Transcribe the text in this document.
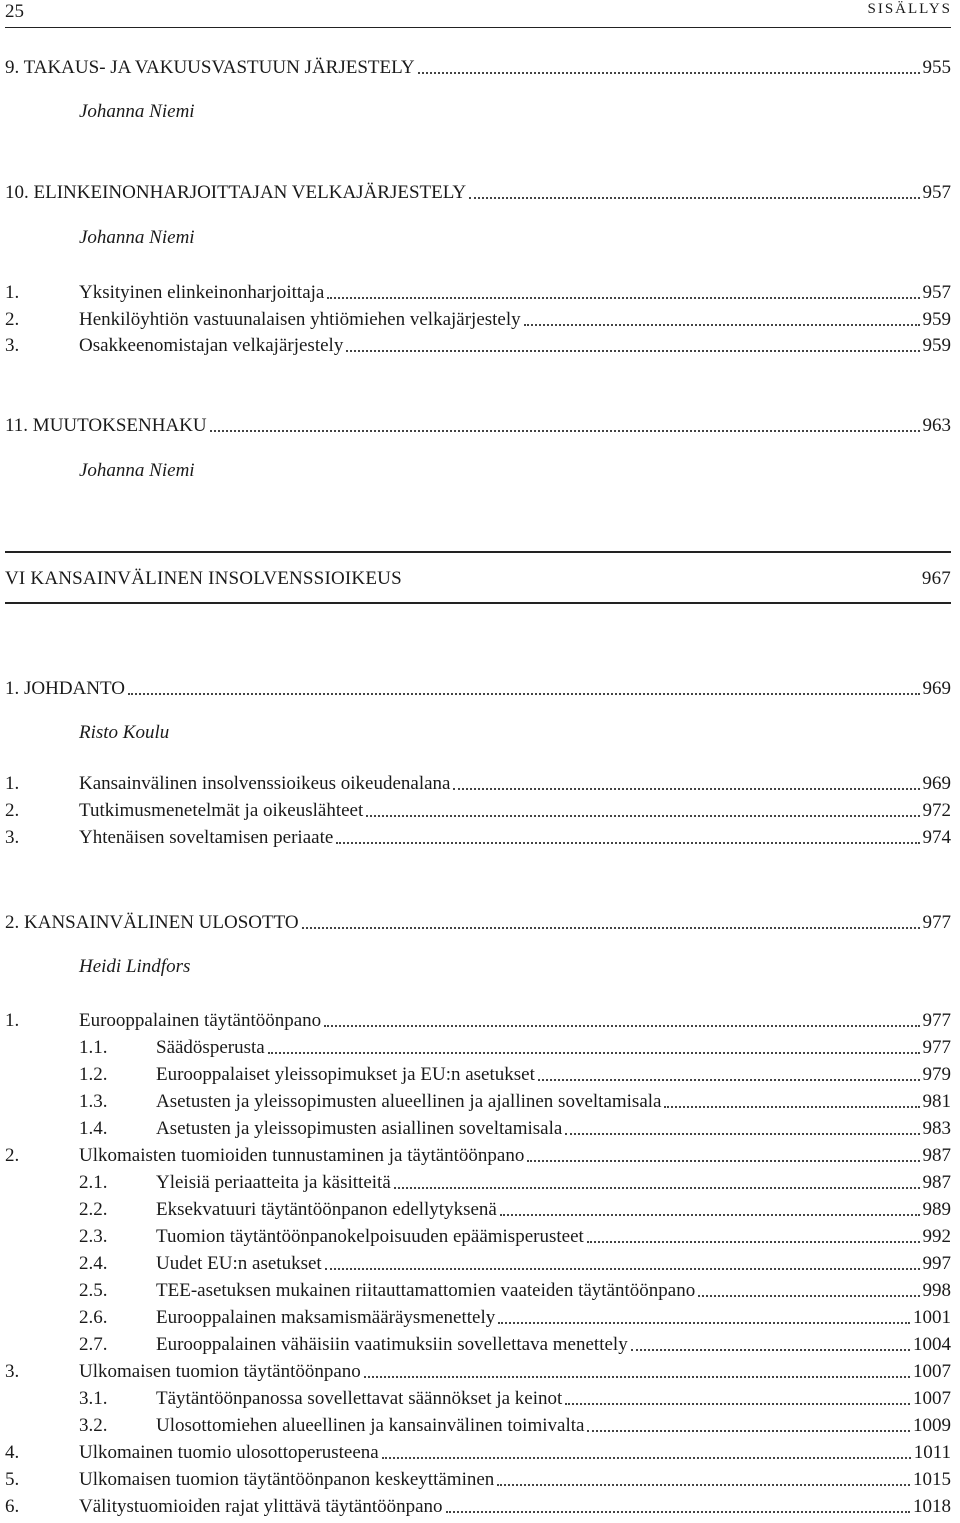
25	SISÄLLYS
9. TAKAUS- JA VAKUUSVASTUUN JÄRJESTELY	955
Johanna Niemi
10. ELINKEINONHARJOITTAJAN VELKAJÄRJESTELY	957
Johanna Niemi
1.	Yksityinen elinkeinonharjoittaja	957
2.	Henkilöyhtiön vastuunalaisen yhtiömiehen velkajärjestely	959
3.	Osakkeenomistajan velkajärjestely	959
11. MUUTOKSENHAKU	963
Johanna Niemi
VI KANSAINVÄLINEN INSOLVENSSIOIKEUS	967
1. JOHDANTO	969
Risto Koulu
1.	Kansainvälinen insolvenssioikeus oikeudenalana	969
2.	Tutkimusmenetelmät ja oikeuslähteet	972
3.	Yhtenäisen soveltamisen periaate	974
2. KANSAINVÄLINEN ULOSOTTO	977
Heidi Lindfors
1.	Eurooppalainen täytäntöönpano	977
1.1.	Säädösperusta	977
1.2.	Eurooppalaiset yleissopimukset ja EU:n asetukset	979
1.3.	Asetusten ja yleissopimusten alueellinen ja ajallinen soveltamisala	981
1.4.	Asetusten ja yleissopimusten asiallinen soveltamisala	983
2.	Ulkomaisten tuomioiden tunnustaminen ja täytäntöönpano	987
2.1.	Yleisiä periaatteita ja käsitteitä	987
2.2.	Eksekvatuuri täytäntöönpanon edellytyksenä	989
2.3.	Tuomion täytäntöönpanokelpoisuuden epäämisperusteet	992
2.4.	Uudet EU:n asetukset	997
2.5.	TEE-asetuksen mukainen riitauttamattomien vaateiden täytäntöönpano	998
2.6.	Eurooppalainen maksamismääräysmenettely	1001
2.7.	Eurooppalainen vähäisiin vaatimuksiin sovellettava menettely	1004
3.	Ulkomaisen tuomion täytäntöönpano	1007
3.1.	Täytäntöönpanossa sovellettavat säännökset ja keinot	1007
3.2.	Ulosottomiehen alueellinen ja kansainvälinen toimivalta	1009
4.	Ulkomainen tuomio ulosottoperusteena	1011
5.	Ulkomaisen tuomion täytäntöönpanon keskeyttäminen	1015
6.	Välitystuomioiden rajat ylittävä täytäntöönpano	1018
